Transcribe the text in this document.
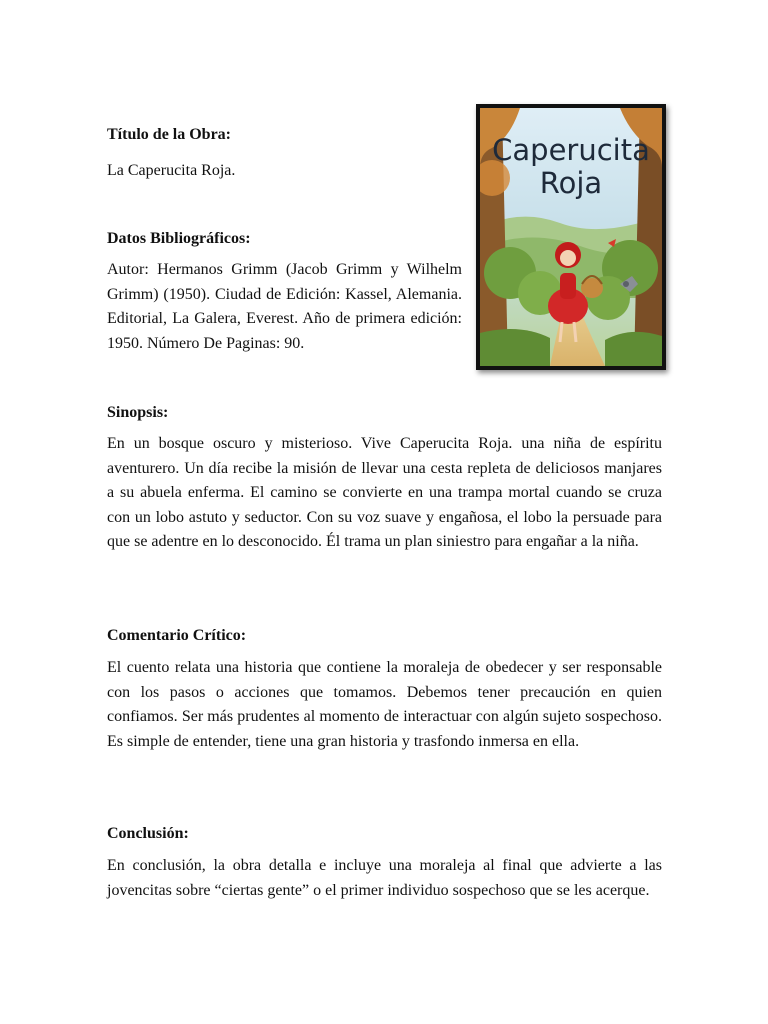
Título de la Obra:
La Caperucita Roja.
Datos Bibliográficos:
Autor: Hermanos Grimm (Jacob Grimm y Wilhelm Grimm) (1950). Ciudad de Edición: Kassel, Alemania. Editorial, La Galera, Everest. Año de primera edición: 1950. Número De Paginas: 90.
Sinopsis:
En un bosque oscuro y misterioso. Vive Caperucita Roja. una niña de espíritu aventurero. Un día recibe la misión de llevar una cesta repleta de deliciosos manjares a su abuela enferma. El camino se convierte en una trampa mortal cuando se cruza con un lobo astuto y seductor. Con su voz suave y engañosa, el lobo la persuade para que se adentre en lo desconocido. Él trama un plan siniestro para engañar a la niña.
Comentario Crítico:
El cuento relata una historia que contiene la moraleja de obedecer y ser responsable con los pasos o acciones que tomamos. Debemos tener precaución en quien confiamos. Ser más prudentes al momento de interactuar con algún sujeto sospechoso. Es simple de entender, tiene una gran historia y trasfondo inmersa en ella.
Conclusión:
En conclusión, la obra detalla e incluye una moraleja al final que advierte a las jovencitas sobre “ciertas gente” o el primer individuo sospechoso que se les acerque.
Caperucita
Roja
